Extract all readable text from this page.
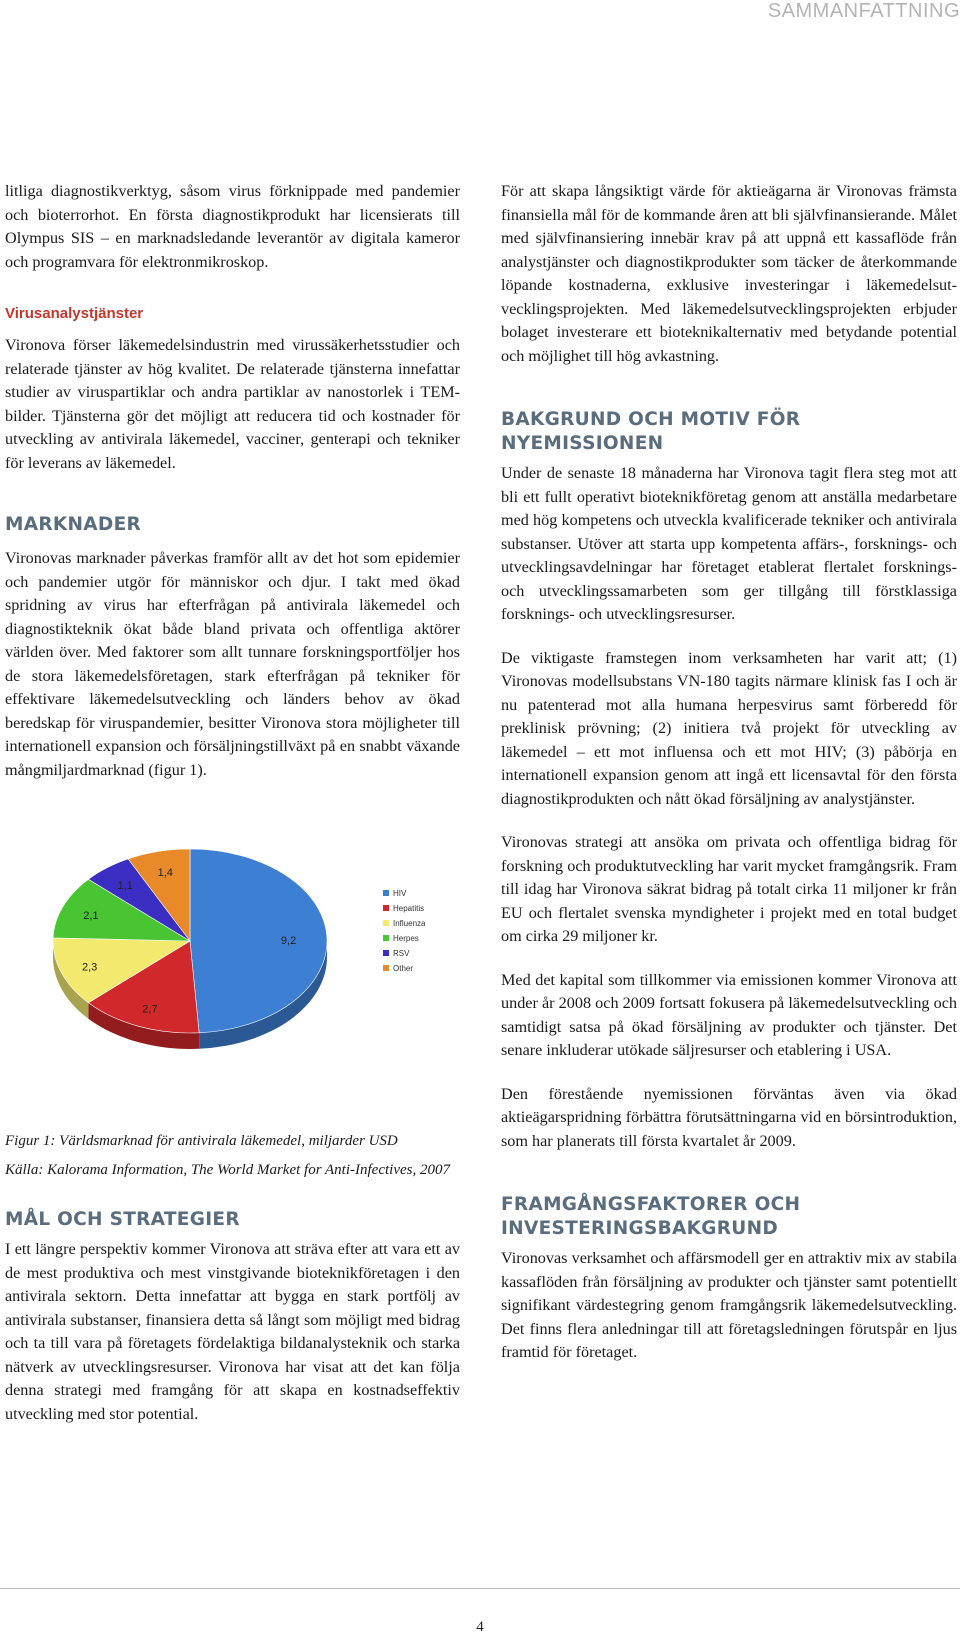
SAMMANFATTNING

litliga diagnostikverktyg, såsom virus förknippade med pandemier och bioterrorhot. En första diagnostikprodukt har licensierats till Olympus SIS – en marknadsledande leverantör av digitala kameror och programvara för elektronmikroskop.

Virusanalystjänster

Vironova förser läkemedelsindustrin med virussäkerhetsstudier och relaterade tjänster av hög kvalitet. De relaterade tjänsterna innefattar studier av viruspartiklar och andra partiklar av nanostorlek i TEM-bilder. Tjänsterna gör det möjligt att reducera tid och kostnader för utveckling av antivirala läkemedel, vacciner, genterapi och tekniker för leverans av läkemedel.

MARKNADER

Vironovas marknader påverkas framför allt av det hot som epidemier och pandemier utgör för människor och djur. I takt med ökad spridning av virus har efterfrågan på antivirala läkemedel och diagnostikteknik ökat både bland privata och offentliga aktörer världen över. Med faktorer som allt tunnare forskningsportföljer hos de stora läkemedelsföretagen, stark efterfrågan på tekniker för effektivare läkemedelsutveckling och länders behov av ökad beredskap för viruspandemier, besitter Vironova stora möjligheter till internationell expansion och försäljningstillväxt på en snabbt växande mångmiljardmarknad (figur 1).

9,2
2,7
2,3
2,1
1,1
1,4
HIV
Hepatitis
Influenza
Herpes
RSV
Other

Figur 1: Världsmarknad för antivirala läkemedel, miljarder USD

Källa: Kalorama Information, The World Market for Anti-Infectives, 2007

MÅL OCH STRATEGIER

I ett längre perspektiv kommer Vironova att sträva efter att vara ett av de mest produktiva och mest vinstgivande bioteknikföretagen i den antivirala sektorn. Detta innefattar att bygga en stark portfölj av antivirala substanser, finansiera detta så långt som möjligt med bidrag och ta till vara på företagets fördelaktiga bildanalysteknik och starka nätverk av utvecklingsresurser. Vironova har visat att det kan följa denna strategi med framgång för att skapa en kostnadseffektiv utveckling med stor potential.

För att skapa långsiktigt värde för aktieägarna är Vironovas främsta finansiella mål för de kommande åren att bli självfinansierande. Målet med självfinansiering innebär krav på att uppnå ett kassaflöde från analystjänster och diagnostikprodukter som täcker de återkommande löpande kostnaderna, exklusive investeringar i läkemedelsutvecklingsprojekten. Med läkemedelsutvecklingsprojekten erbjuder bolaget investerare ett bioteknikalternativ med betydande potential och möjlighet till hög avkastning.

BAKGRUND OCH MOTIV FÖR NYEMISSIONEN

Under de senaste 18 månaderna har Vironova tagit flera steg mot att bli ett fullt operativt bioteknikföretag genom att anställa medarbetare med hög kompetens och utveckla kvalificerade tekniker och antivirala substanser. Utöver att starta upp kompetenta affärs-, forsknings- och utvecklingsavdelningar har företaget etablerat flertalet forsknings- och utvecklingssamarbeten som ger tillgång till förstklassiga forsknings- och utvecklingsresurser.

De viktigaste framstegen inom verksamheten har varit att; (1) Vironovas modellsubstans VN-180 tagits närmare klinisk fas I och är nu patenterad mot alla humana herpesvirus samt förberedd för preklinisk prövning; (2) initiera två projekt för utveckling av läkemedel – ett mot influensa och ett mot HIV; (3) påbörja en internationell expansion genom att ingå ett licensavtal för den första diagnostikprodukten och nått ökad försäljning av analystjänster.

Vironovas strategi att ansöka om privata och offentliga bidrag för forskning och produktutveckling har varit mycket framgångsrik. Fram till idag har Vironova säkrat bidrag på totalt cirka 11 miljoner kr från EU och flertalet svenska myndigheter i projekt med en total budget om cirka 29 miljoner kr.

Med det kapital som tillkommer via emissionen kommer Vironova att under år 2008 och 2009 fortsatt fokusera på läkemedelsutveckling och samtidigt satsa på ökad försäljning av produkter och tjänster. Det senare inkluderar utökade säljresurser och etablering i USA.

Den förestående nyemissionen förväntas även via ökad aktieägarspridning förbättra förutsättningarna vid en börsintroduktion, som har planerats till första kvartalet år 2009.

FRAMGÅNGSFAKTORER OCH INVESTERINGSBAKGRUND

Vironovas verksamhet och affärsmodell ger en attraktiv mix av stabila kassaflöden från försäljning av produkter och tjänster samt potentiellt signifikant värdestegring genom framgångsrik läkemedelsutveckling. Det finns flera anledningar till att företagsledningen förutspår en ljus framtid för företaget.

4
